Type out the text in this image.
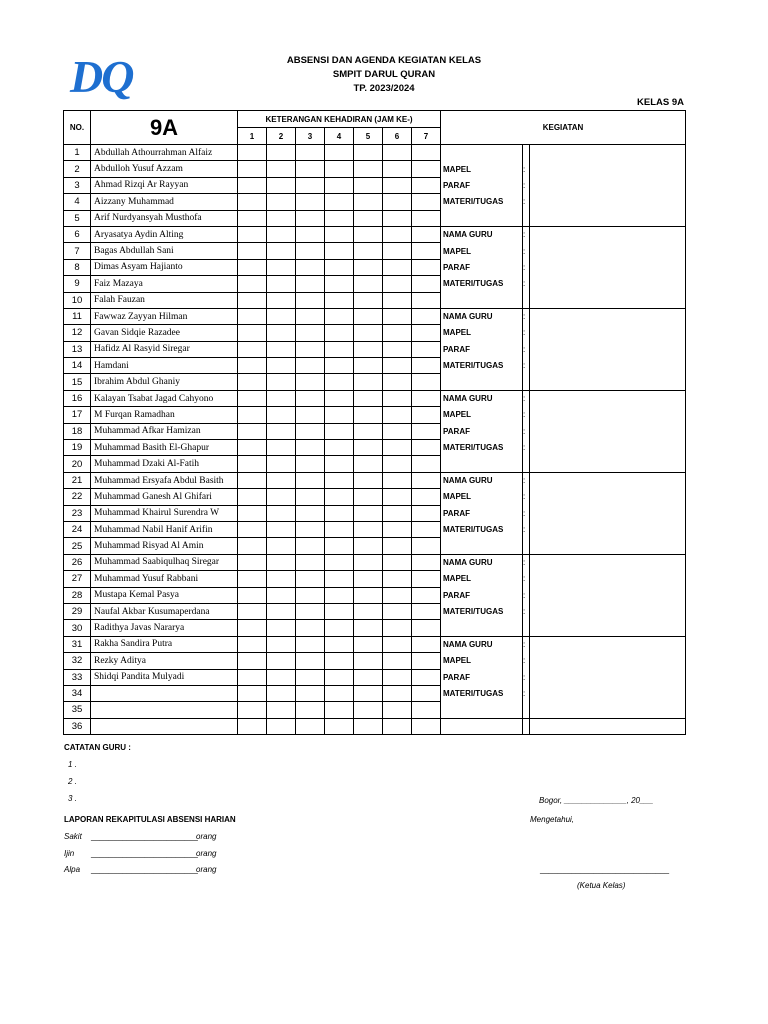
DQ	ABSENSI DAN AGENDA KEGIATAN KELAS
SMPIT DARUL QURAN
TP. 2023/2024
KELAS 9A
NO.	9A	KETERANGAN KEHADIRAN (JAM KE-)							KEGIATAN		
		1	2	3	4	5	6	7			
1	Abdullah Athourrahman Alfaiz										
2	Abdulloh Yusuf Azzam								MAPEL	:	
3	Ahmad Rizqi Ar Rayyan								PARAF	:	
4	Aizzany Muhammad								MATERI/TUGAS	:	
5	Arif Nurdyansyah Musthofa										
6	Aryasatya Aydin Alting								NAMA GURU	:	
7	Bagas Abdullah Sani								MAPEL	:	
8	Dimas Asyam Hajianto								PARAF	:	
9	Faiz Mazaya								MATERI/TUGAS	:	
10	Falah Fauzan										
11	Fawwaz Zayyan Hilman								NAMA GURU	:	
12	Gavan Sidqie Razadee								MAPEL	:	
13	Hafidz Al Rasyid Siregar								PARAF	:	
14	Hamdani								MATERI/TUGAS	:	
15	Ibrahim Abdul Ghaniy										
16	Kalayan Tsabat Jagad Cahyono								NAMA GURU	:	
17	M Furqan Ramadhan								MAPEL	:	
18	Muhammad Afkar Hamizan								PARAF	:	
19	Muhammad Basith El-Ghapur								MATERI/TUGAS	:	
20	Muhammad Dzaki Al-Fatih										
21	Muhammad Ersyafa Abdul Basith								NAMA GURU	:	
22	Muhammad Ganesh Al Ghifari								MAPEL	:	
23	Muhammad Khairul Surendra W								PARAF	:	
24	Muhammad Nabil Hanif Arifin								MATERI/TUGAS	:	
25	Muhammad Risyad Al Amin										
26	Muhammad Saabiqulhaq Siregar								NAMA GURU	:	
27	Muhammad Yusuf Rabbani								MAPEL	:	
28	Mustapa Kemal Pasya								PARAF	:	
29	Naufal Akbar Kusumaperdana								MATERI/TUGAS	:	
30	Radithya Javas Nararya										
31	Rakha Sandira Putra								NAMA GURU	:	
32	Rezky Aditya								MAPEL	:	
33	Shidqi Pandita Mulyadi								PARAF	:	
34									MATERI/TUGAS	:	
35											
36											
CATATAN GURU :
1 .
2 .
3 .	Bogor, ______________, 20___
LAPORAN REKAPITULASI ABSENSI HARIAN	Mengetahui,
Sakit ________________________
orang
Ijin ________________________
orang
Alpa ________________________
orang	_____________________________
(Ketua Kelas)
